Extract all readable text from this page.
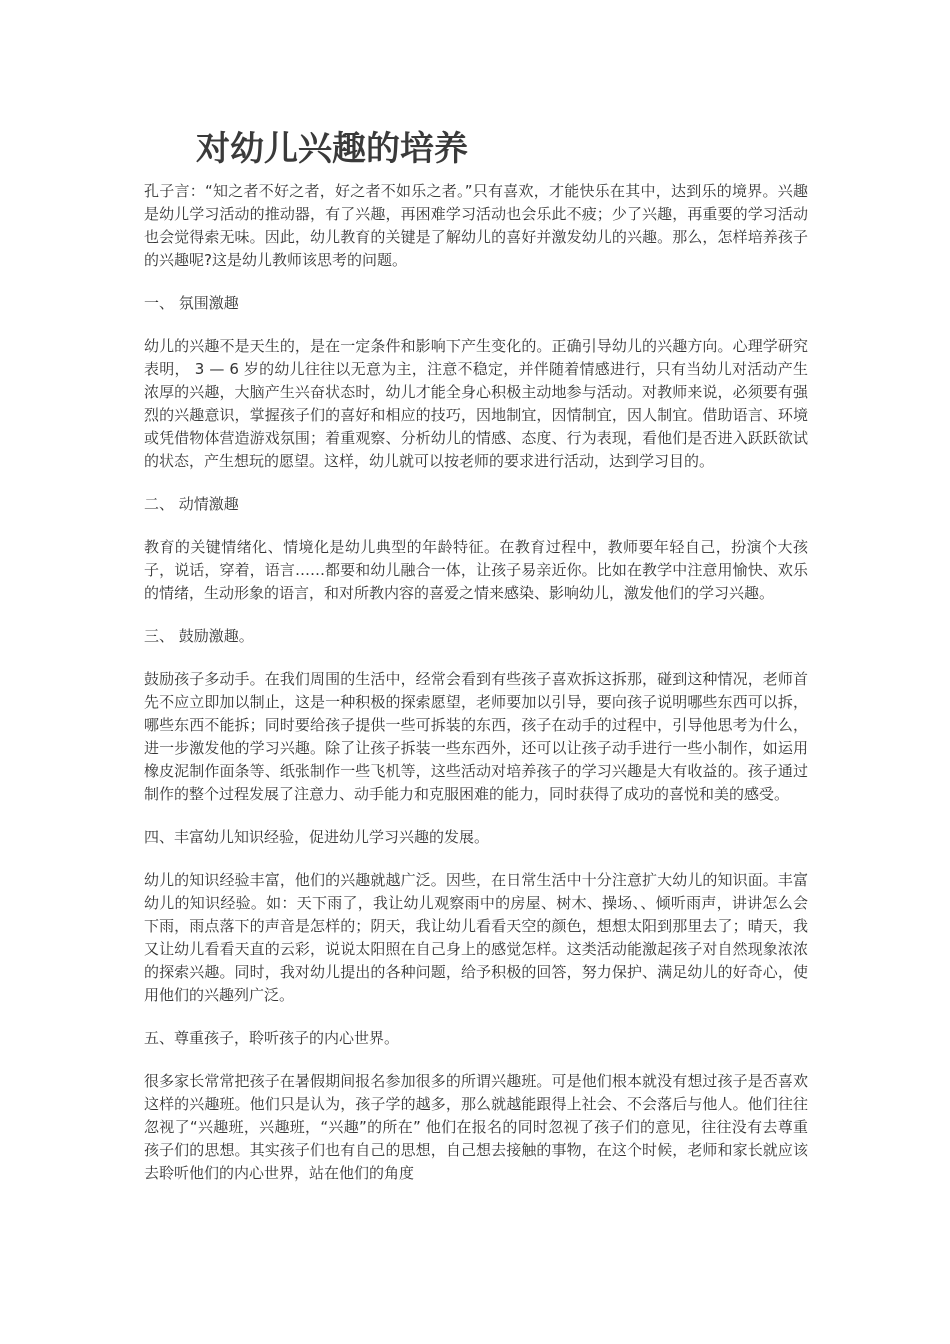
对幼儿兴趣的培养

孔子言：“知之者不好之者，好之者不如乐之者。”只有喜欢，才能快乐在其中，达到乐的境界。兴趣是幼儿学习活动的推动器，有了兴趣，再困难学习活动也会乐此不疲；少了兴趣，再重要的学习活动也会觉得索无味。因此，幼儿教育的关键是了解幼儿的喜好并激发幼儿的兴趣。那么，怎样培养孩子的兴趣呢?这是幼儿教师该思考的问题。

一、 氛围激趣

幼儿的兴趣不是天生的，是在一定条件和影响下产生变化的。正确引导幼儿的兴趣方向。心理学研究表明， 3 — 6 岁的幼儿往往以无意为主，注意不稳定，并伴随着情感进行，只有当幼儿对活动产生浓厚的兴趣，大脑产生兴奋状态时，幼儿才能全身心积极主动地参与活动。对教师来说，必须要有强烈的兴趣意识，掌握孩子们的喜好和相应的技巧，因地制宜，因情制宜，因人制宜。借助语言、环境或凭借物体营造游戏氛围；着重观察、分析幼儿的情感、态度、行为表现，看他们是否进入跃跃欲试的状态，产生想玩的愿望。这样，幼儿就可以按老师的要求进行活动，达到学习目的。

二、 动情激趣

教育的关键情绪化、情境化是幼儿典型的年龄特征。在教育过程中，教师要年轻自己，扮演个大孩子，说话，穿着，语言……都要和幼儿融合一体，让孩子易亲近你。比如在教学中注意用愉快、欢乐的情绪，生动形象的语言，和对所教内容的喜爱之情来感染、影响幼儿，激发他们的学习兴趣。

三、 鼓励激趣。

鼓励孩子多动手。在我们周围的生活中，经常会看到有些孩子喜欢拆这拆那，碰到这种情况，老师首先不应立即加以制止，这是一种积极的探索愿望，老师要加以引导，要向孩子说明哪些东西可以拆，哪些东西不能拆；同时要给孩子提供一些可拆装的东西，孩子在动手的过程中，引导他思考为什么，进一步激发他的学习兴趣。除了让孩子拆装一些东西外，还可以让孩子动手进行一些小制作，如运用橡皮泥制作面条等、纸张制作一些飞机等，这些活动对培养孩子的学习兴趣是大有收益的。孩子通过制作的整个过程发展了注意力、动手能力和克服困难的能力，同时获得了成功的喜悦和美的感受。

四、丰富幼儿知识经验，促进幼儿学习兴趣的发展。

幼儿的知识经验丰富，他们的兴趣就越广泛。因些，在日常生活中十分注意扩大幼儿的知识面。丰富幼儿的知识经验。如：天下雨了，我让幼儿观察雨中的房屋、树木、操场、、倾听雨声，讲讲怎么会下雨，雨点落下的声音是怎样的；阴天，我让幼儿看看天空的颜色，想想太阳到那里去了；晴天，我又让幼儿看看天直的云彩，说说太阳照在自己身上的感觉怎样。这类活动能激起孩子对自然现象浓浓的探索兴趣。同时，我对幼儿提出的各种问题，给予积极的回答，努力保护、满足幼儿的好奇心，使用他们的兴趣列广泛。

五、尊重孩子，聆听孩子的内心世界。

很多家长常常把孩子在暑假期间报名参加很多的所谓兴趣班。可是他们根本就没有想过孩子是否喜欢这样的兴趣班。他们只是认为，孩子学的越多，那么就越能跟得上社会、不会落后与他人。他们往往忽视了“兴趣班，兴趣班，“兴趣”的所在” 他们在报名的同时忽视了孩子们的意见，往往没有去尊重孩子们的思想。其实孩子们也有自己的思想，自己想去接触的事物，在这个时候，老师和家长就应该去聆听他们的内心世界，站在他们的角度
